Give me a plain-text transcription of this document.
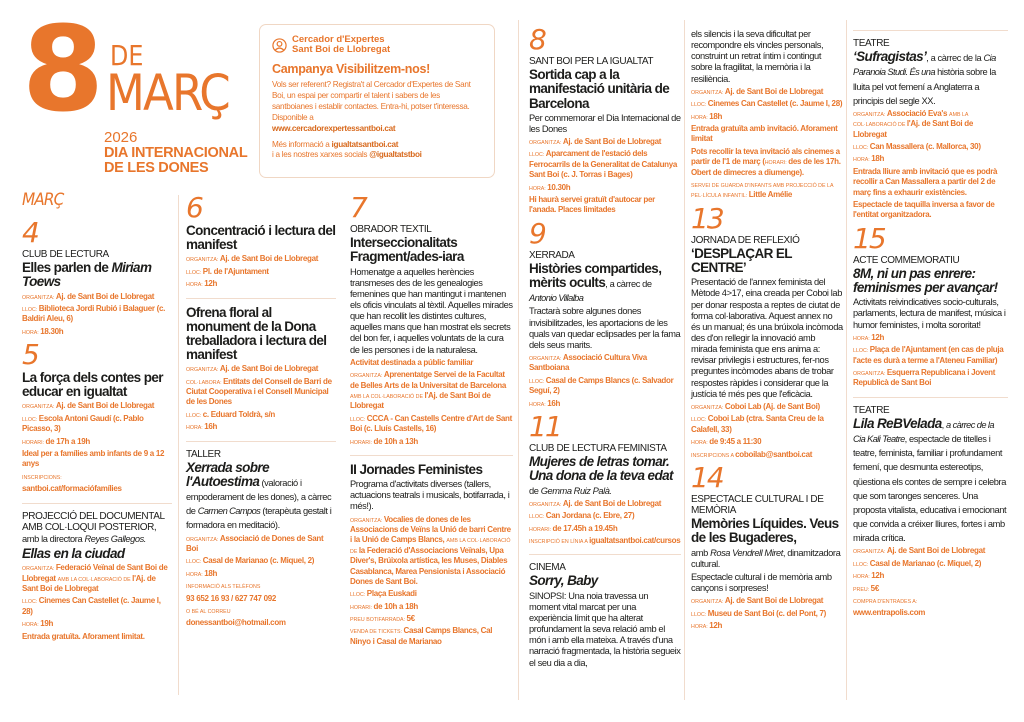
8 DE
MARÇ
2026
DIA INTERNACIONAL
DE LES DONES
Cercador d'Expertes
Sant Boi de Llobregat
Campanya Visibilitzem-nos!

Vols ser referent? Registra't al Cercador d'Expertes de Sant Boi, un espai per compartir el talent i sabers de les santboianes i establir contactes. Entra-hi, potser t'interessa. Disponible a

www.cercadorexpertessantboi.cat

Més informació a igualtatsantboi.cat
i a les nostres xarxes socials @igualtatstboi

MARÇ
4
CLUB DE LECTURA
Elles parlen de Miriam Toews
ORGANITZA: Aj. de Sant Boi de Llobregat
LLOC: Biblioteca Jordi Rubió i Balaguer (c. Baldiri Aleu, 6)
HORA: 18.30h
5
La força dels contes per educar en igualtat
ORGANITZA: Aj. de Sant Boi de Llobregat
LLOC: Escola Antoni Gaudí (c. Pablo Picasso, 3)
HORARI: de 17h a 19h
Ideal per a famílies amb infants de 9 a 12 anys
INSCRIPCIONS:
santboi.cat/formaciófamílies
PROJECCIÓ DEL DOCUMENTAL AMB COL·LOQUI POSTERIOR,
amb la directora Reyes Gallegos.
Ellas en la ciudad
ORGANITZA: Federació Veïnal de Sant Boi de Llobregat AMB LA COL·LABORACIÓ DE l'Aj. de Sant Boi de Llobregat
LLOC: Cinemes Can Castellet (c. Jaume I, 28)
HORA: 19h
Entrada gratuïta. Aforament limitat.
6
Concentració i lectura del manifest
ORGANITZA: Aj. de Sant Boi de Llobregat
LLOC: Pl. de l'Ajuntament
HORA: 12h
Ofrena floral al monument de la Dona treballadora i lectura del manifest
ORGANITZA: Aj. de Sant Boi de Llobregat
COL·LABORA: Entitats del Consell de Barri de Ciutat Cooperativa i el Consell Municipal de les Dones
LLOC: c. Eduard Toldrà, s/n
HORA: 16h
TALLER
Xerrada sobre l'Autoestima (valoració i empoderament de les dones), a càrrec de Carmen Campos (terapèuta gestalt i formadora en meditació).
ORGANITZA: Associació de Dones de Sant Boi
LLOC: Casal de Marianao (c. Miquel, 2)
HORA: 18h
INFORMACIÓ ALS TELÈFONS
93 652 16 93 / 627 747 092
O BÉ AL CORREU
donessantboi@hotmail.com
7
OBRADOR TEXTIL
Interseccionalitats Fragment/ades-iara
Homenatge a aquelles herències transmeses des de les genealogies femenines que han mantingut i mantenen els oficis vinculats al tèxtil. Aquelles mirades que han recollit les distintes cultures, aquelles mans que han mostrat els secrets del bon fer, i aquelles voluntats de la cura de les persones i de la naturalesa.
Activitat destinada a públic familiar
ORGANITZA: Aprenentatge Servei de la Facultat de Belles Arts de la Universitat de Barcelona AMB LA COL·LABORACIÓ DE l'Aj. de Sant Boi de Llobregat
LLOC: CCCA - Can Castells Centre d'Art de Sant Boi (c. Lluís Castells, 16)
HORARI: de 10h a 13h
II Jornades Feministes
Programa d'activitats diverses (tallers, actuacions teatrals i musicals, botifarrada, i més!).
ORGANITZA: Vocalies de dones de les Associacions de Veïns la Unió de barri Centre i la Unió de Camps Blancs, AMB LA COL·LABORACIÓ DE la Federació d'Associacions Veïnals, Upa Diver's, Brúixola artística, les Muses, Diables Casablanca, Marea Pensionista i Associació Dones de Sant Boi.
LLOC: Plaça Euskadi
HORARI: de 10h a 18h
PREU BOTIFARRADA: 5€
VENDA DE TICKETS: Casal Camps Blancs, Cal Ninyo i Casal de Marianao
8
SANT BOI PER LA IGUALTAT
Sortida cap a la manifestació unitària de Barcelona
Per commemorar el Dia Internacional de les Dones
ORGANITZA: Aj. de Sant Boi de Llobregat
LLOC: Aparcament de l'estació dels Ferrocarrils de la Generalitat de Catalunya Sant Boi (c. J. Torras i Bages)
HORA: 10.30h
Hi haurà servei gratuït d'autocar per l'anada. Places limitades
9
XERRADA
Històries compartides, mèrits ocults, a càrrec de Antonio Villalba
Tractarà sobre algunes dones invisibilitzades, les aportacions de les quals van quedar eclipsades per la fama dels seus marits.
ORGANITZA: Associació Cultura Viva Santboiana
LLOC: Casal de Camps Blancs (c. Salvador Seguí, 2)
HORA: 16h
11
CLUB DE LECTURA FEMINISTA
Mujeres de letras tomar. Una dona de la teva edat
de Gemma Ruiz Palà.
ORGANITZA: Aj. de Sant Boi de Llobregat
LLOC: Can Jordana (c. Ebre, 27)
HORARI: de 17.45h a 19.45h
INSCRIPCIÓ EN LÍNIA A igualtatsantboi.cat/cursos
CINEMA
Sorry, Baby
SINOPSI: Una noia travessa un moment vital marcat per una experiència límit que ha alterat profundament la seva relació amb el món i amb ella mateixa. A través d'una narració fragmentada, la història segueix el seu dia a dia,
els silencis i la seva dificultat per recompondre els vincles personals, construint un retrat íntim i contingut sobre la fragilitat, la memòria i la resiliència.
ORGANITZA: Aj. de Sant Boi de Llobregat
LLOC: Cinemes Can Castellet (c. Jaume I, 28)
HORA: 18h
Entrada gratuïta amb invitació. Aforament limitat
Pots recollir la teva invitació als cinemes a partir de l'1 de març (HORARI: des de les 17h. Obert de dimecres a diumenge).
SERVEI DE GUARDA D'INFANTS AMB PROJECCIÓ DE LA PEL·LÍCULA INFANTIL: Little Amélie
13
JORNADA DE REFLEXIÓ
‘DESPLAÇAR EL CENTRE’
Presentació de l'annex feminista del Mètode 4>17, eina creada per Coboi lab per donar resposta a reptes de ciutat de forma col·laborativa. Aquest annex no és un manual; és una brúixola incòmoda des d'on rellegir la innovació amb mirada feminista que ens anima a: revisar privilegis i estructures, fer-nos preguntes incòmodes abans de trobar respostes ràpides i considerar que la justícia té més pes que l'eficàcia.
ORGANITZA: Coboi Lab (Aj. de Sant Boi)
LLOC: Coboi Lab (ctra. Santa Creu de la Calafell, 33)
HORA: de 9:45 a 11:30
INSCRIPCIONS A coboilab@santboi.cat
14
ESPECTACLE CULTURAL I DE MEMÒRIA
Memòries Líquides. Veus de les Bugaderes,
amb Rosa Vendrell Miret, dinamitzadora cultural.
Espectacle cultural i de memòria amb cançons i sorpreses!
ORGANITZA: Aj. de Sant Boi de Llobregat
LLOC: Museu de Sant Boi (c. del Pont, 7)
HORA: 12h
TEATRE
‘Sufragistas’, a càrrec de la Cia Paranoia Studi. És una història sobre la lluita pel vot femení a Anglaterra a principis del segle XX.
ORGANITZA: Associació Eva's AMB LA COL·LABORACIÓ DE l'Aj. de Sant Boi de Llobregat
LLOC: Can Massallera (c. Mallorca, 30)
HORA: 18h
Entrada lliure amb invitació que es podrà recollir a Can Massallera a partir del 2 de març fins a exhaurir existències.
Espectacle de taquilla inversa a favor de l'entitat organitzadora.
15
ACTE COMMEMORATIU
8M, ni un pas enrere: feminismes per avançar!
Activitats reivindicatives socio-culturals, parlaments, lectura de manifest, música i humor feministes, i molta sororitat!
HORA: 12h
LLOC: Plaça de l'Ajuntament (en cas de pluja l'acte es durà a terme a l'Ateneu Familiar)
ORGANITZA: Esquerra Republicana i Jovent Republicà de Sant Boi
TEATRE
Lila ReBVelada, a càrrec de la Cia Kali Teatre, espectacle de titelles i teatre, feminista, familiar i profundament femení, que desmunta estereotips, qüestiona els contes de sempre i celebra que som taronges senceres. Una proposta vitalista, educativa i emocionant que convida a créixer lliures, fortes i amb mirada crítica.
ORGANITZA: Aj. de Sant Boi de Llobregat
LLOC: Casal de Marianao (c. Miquel, 2)
HORA: 12h
PREU: 5€
COMPRA D'ENTRADES A:
www.entrapolis.com
